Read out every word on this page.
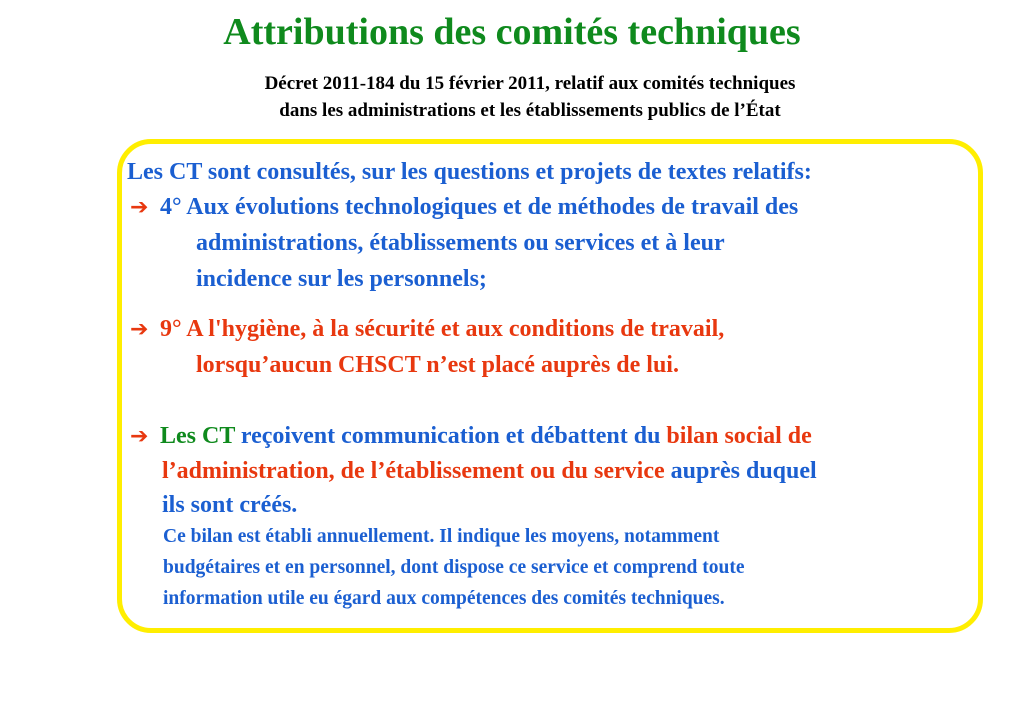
Attributions des comités techniques
Décret 2011-184 du 15 février 2011, relatif aux comités techniques
dans les administrations et les établissements publics de l’État
Les CT sont consultés, sur les questions et projets de textes relatifs:
➔ 4° Aux évolutions technologiques et de méthodes de travail des
administrations, établissements ou services et à leur
incidence sur les personnels;
➔ 9° A l'hygiène, à la sécurité et aux conditions de travail,
lorsqu’aucun CHSCT n’est placé auprès de lui.
➔ Les CT reçoivent communication et débattent du bilan social de
l’administration, de l’établissement ou du service auprès duquel
ils sont créés.
Ce bilan est établi annuellement. Il indique les moyens, notamment
budgétaires et en personnel, dont dispose ce service et comprend toute
information utile eu égard aux compétences des comités techniques.
